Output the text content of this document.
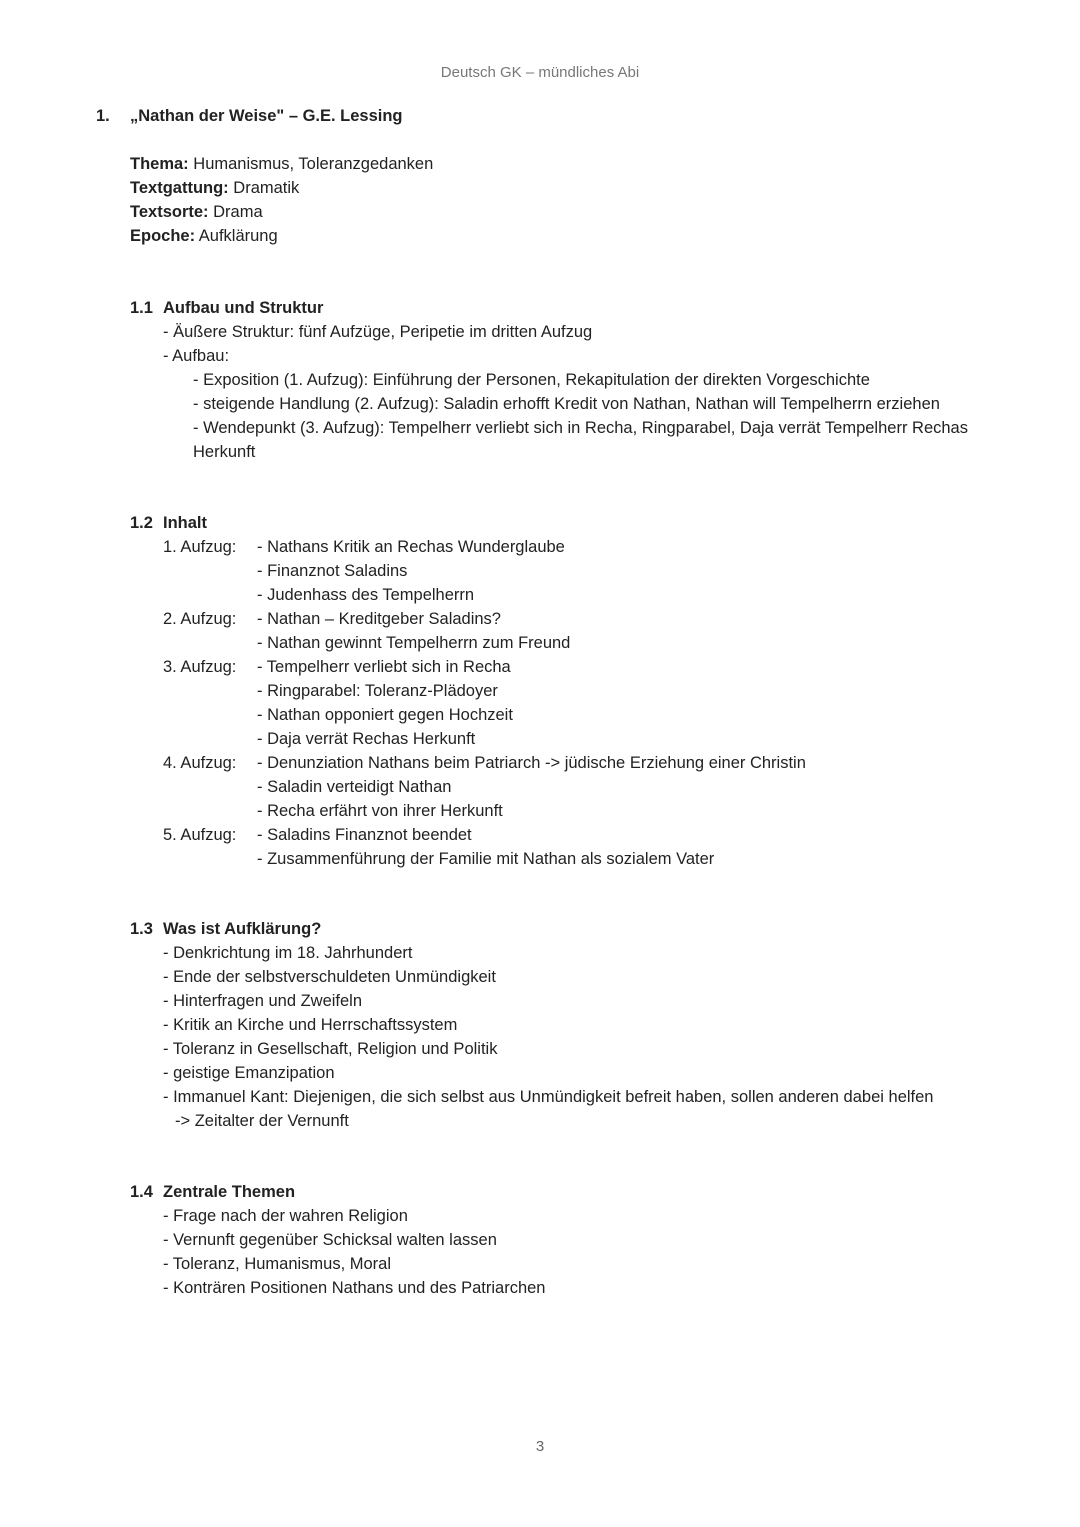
Deutsch GK – mündliches Abi
1. „Nathan der Weise" – G.E. Lessing
Thema: Humanismus, Toleranzgedanken
Textgattung: Dramatik
Textsorte: Drama
Epoche: Aufklärung
1.1 Aufbau und Struktur
- Äußere Struktur: fünf Aufzüge, Peripetie im dritten Aufzug
- Aufbau:
- Exposition (1. Aufzug): Einführung der Personen, Rekapitulation der direkten Vorgeschichte
- steigende Handlung (2. Aufzug): Saladin erhofft Kredit von Nathan, Nathan will Tempelherrn erziehen
- Wendepunkt (3. Aufzug): Tempelherr verliebt sich in Recha, Ringparabel, Daja verrät Tempelherr Rechas
Herkunft
1.2 Inhalt
1. Aufzug: - Nathans Kritik an Rechas Wunderglaube
- Finanznot Saladins
- Judenhass des Tempelherrn
2. Aufzug: - Nathan – Kreditgeber Saladins?
- Nathan gewinnt Tempelherrn zum Freund
3. Aufzug: - Tempelherr verliebt sich in Recha
- Ringparabel: Toleranz-Plädoyer
- Nathan opponiert gegen Hochzeit
- Daja verrät Rechas Herkunft
4. Aufzug: - Denunziation Nathans beim Patriarch -> jüdische Erziehung einer Christin
- Saladin verteidigt Nathan
- Recha erfährt von ihrer Herkunft
5. Aufzug: - Saladins Finanznot beendet
- Zusammenführung der Familie mit Nathan als sozialem Vater
1.3 Was ist Aufklärung?
- Denkrichtung im 18. Jahrhundert
- Ende der selbstverschuldeten Unmündigkeit
- Hinterfragen und Zweifeln
- Kritik an Kirche und Herrschaftssystem
- Toleranz in Gesellschaft, Religion und Politik
- geistige Emanzipation
- Immanuel Kant: Diejenigen, die sich selbst aus Unmündigkeit befreit haben, sollen anderen dabei helfen
-> Zeitalter der Vernunft
1.4 Zentrale Themen
- Frage nach der wahren Religion
- Vernunft gegenüber Schicksal walten lassen
- Toleranz, Humanismus, Moral
- Konträren Positionen Nathans und des Patriarchen
3
